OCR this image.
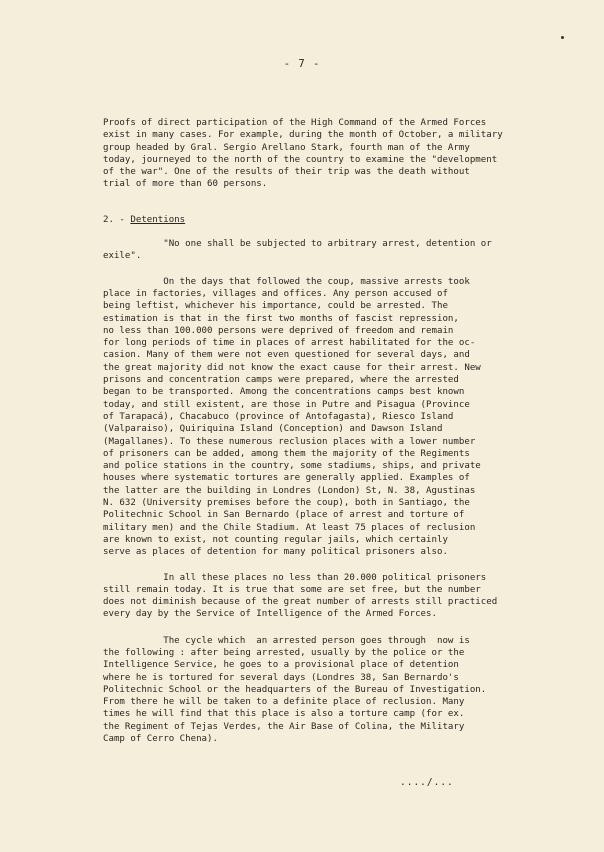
- 7 -

Proofs of direct participation of the High Command of the Armed Forces

exist in many cases. For example, during the month of October, a military

group headed by Gral. Sergio Arellano Stark, fourth man of the Army

today, journeyed to the north of the country to examine the "development

of the war". One of the results of their trip was the death without

trial of more than 60 persons.

2. - Detentions

"No one shall be subjected to arbitrary arrest, detention or

exile".

On the days that followed the coup, massive arrests took

place in factories, villages and offices. Any person accused of

being leftist, whichever his importance, could be arrested. The

estimation is that in the first two months of fascist repression,

no less than 100.000 persons were deprived of freedom and remain

for long periods of time in places of arrest habilitated for the oc-

casion. Many of them were not even questioned for several days, and

the great majority did not know the exact cause for their arrest. New

prisons and concentration camps were prepared, where the arrested

began to be transported. Among the concentrations camps best known

today, and still existent, are those in Putre and Pisagua (Province

of Tarapacá), Chacabuco (province of Antofagasta), Riesco Island

(Valparaiso), Quiriquina Island (Conception) and Dawson Island

(Magallanes). To these numerous reclusion places with a lower number

of prisoners can be added, among them the majority of the Regiments

and police stations in the country, some stadiums, ships, and private

houses where systematic tortures are generally applied. Examples of

the latter are the building in Londres (London) St, N. 38, Agustinas

N. 632 (University premises before the coup), both in Santiago, the

Politechnic School in San Bernardo (place of arrest and torture of

military men) and the Chile Stadium. At least 75 places of reclusion

are known to exist, not counting regular jails, which certainly

serve as places of detention for many political prisoners also.

In all these places no less than 20.000 political prisoners

still remain today. It is true that some are set free, but the number

does not diminish because of the great number of arrests still practiced

every day by the Service of Intelligence of the Armed Forces.

The cycle which  an arrested person goes through  now is

the following : after being arrested, usually by the police or the

Intelligence Service, he goes to a provisional place of detention

where he is tortured for several days (Londres 38, San Bernardo's

Politechnic School or the headquarters of the Bureau of Investigation.

From there he will be taken to a definite place of reclusion. Many

times he will find that this place is also a torture camp (for ex.

the Regiment of Tejas Verdes, the Air Base of Colina, the Military

Camp of Cerro Chena).

..../...
